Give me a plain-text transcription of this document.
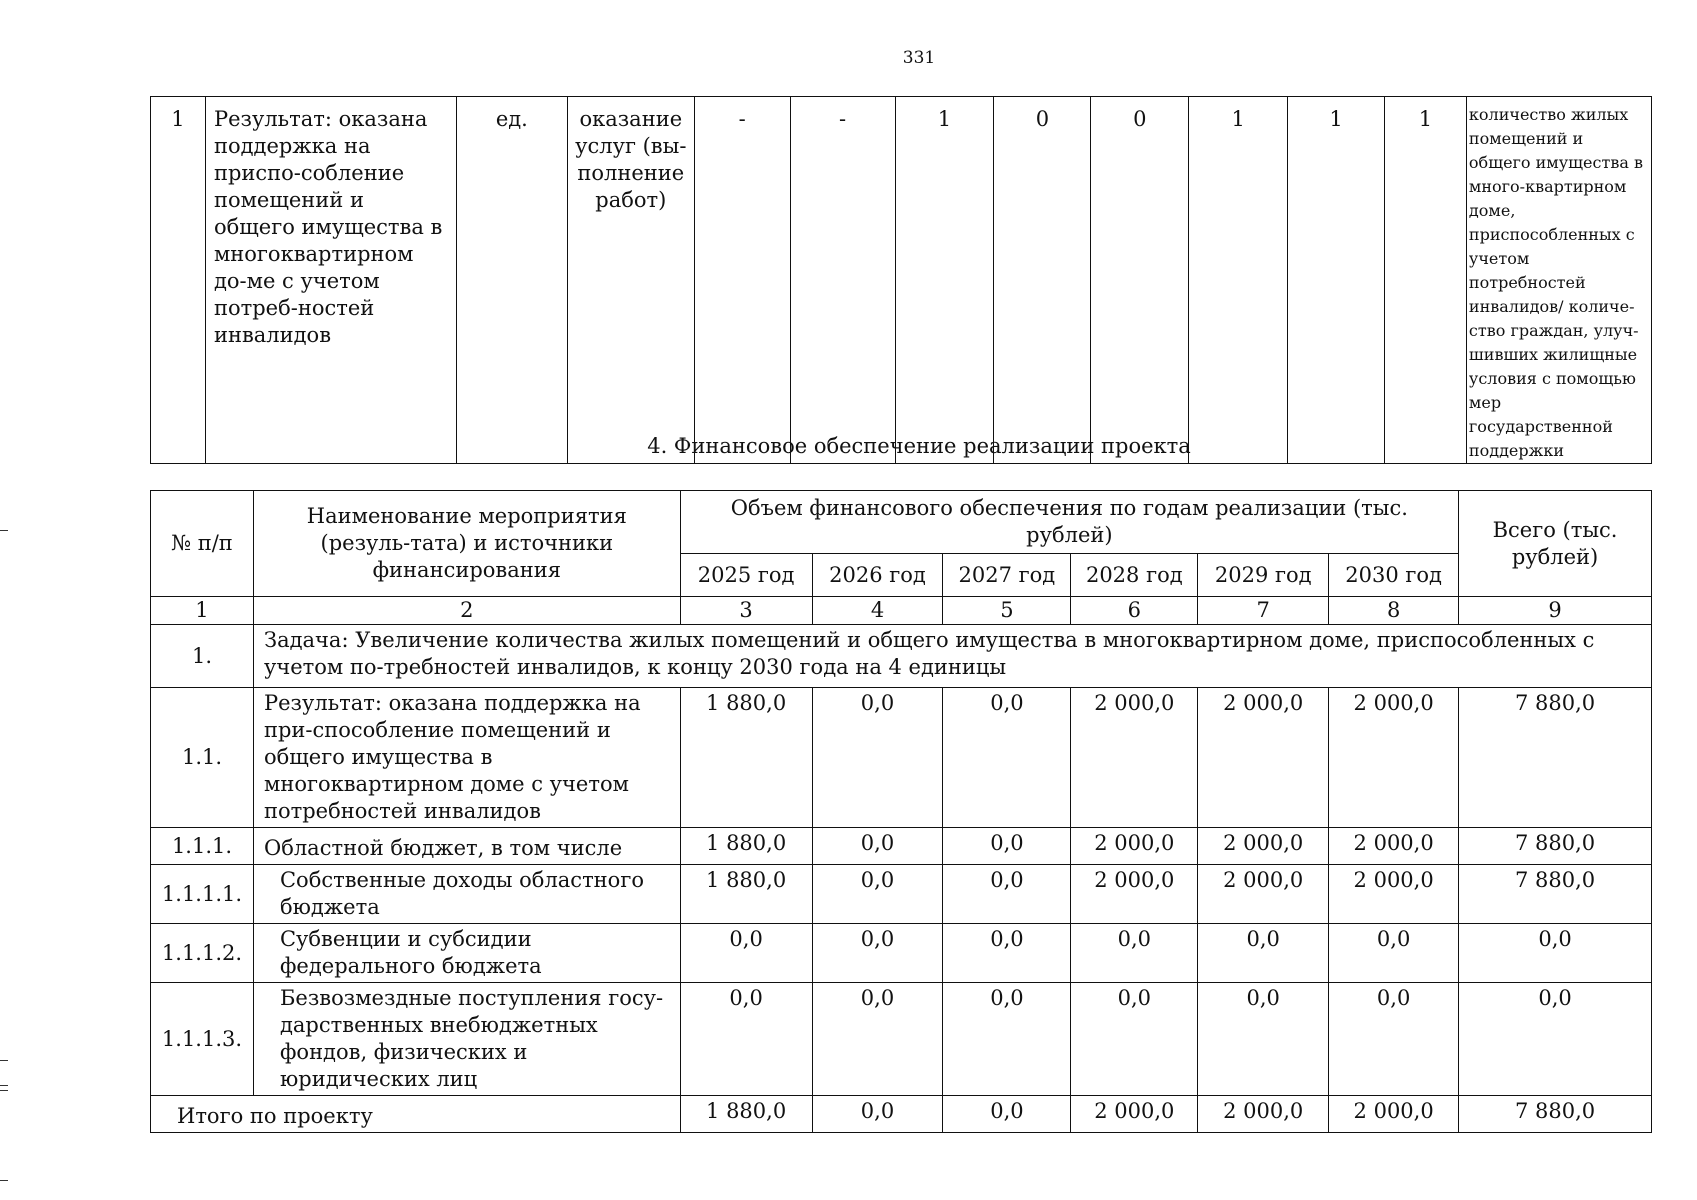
331
1	Результат: оказана поддержка на приспо-собление помещений и общего имущества в многоквартирном до-ме с учетом потреб-ностей инвалидов	ед.	оказание услуг (вы-полнение работ)	-	-	1	0	0	1	1	1	количество жилых помещений и общего имущества в много-квартирном доме, приспособленных с учетом потребностей инвалидов/ количе-ство граждан, улуч-шивших жилищные условия с помощью мер государственной поддержки
4. Финансовое обеспечение реализации проекта
№ п/п	Наименование мероприятия (резуль-тата) и источники финансирования	Объем финансового обеспечения по годам реализации (тыс. рублей)						Всего (тыс. рублей)
		2025 год	2026 год	2027 год	2028 год	2029 год	2030 год	
1	2	3	4	5	6	7	8	9
1.	Задача: Увеличение количества жилых помещений и общего имущества в многоквартирном доме, приспособленных с учетом по-требностей инвалидов, к концу 2030 года на 4 единицы							
1.1.	Результат: оказана поддержка на при-способление помещений и общего имущества в многоквартирном доме с учетом потребностей инвалидов	1 880,0	0,0	0,0	2 000,0	2 000,0	2 000,0	7 880,0
1.1.1.	Областной бюджет, в том числе	1 880,0	0,0	0,0	2 000,0	2 000,0	2 000,0	7 880,0
1.1.1.1.	Собственные доходы областного бюджета	1 880,0	0,0	0,0	2 000,0	2 000,0	2 000,0	7 880,0
1.1.1.2.	Субвенции и субсидии федерального бюджета	0,0	0,0	0,0	0,0	0,0	0,0	0,0
1.1.1.3.	Безвозмездные поступления госу-дарственных внебюджетных фондов, физических и юридических лиц	0,0	0,0	0,0	0,0	0,0	0,0	0,0
Итого по проекту		1 880,0	0,0	0,0	2 000,0	2 000,0	2 000,0	7 880,0
